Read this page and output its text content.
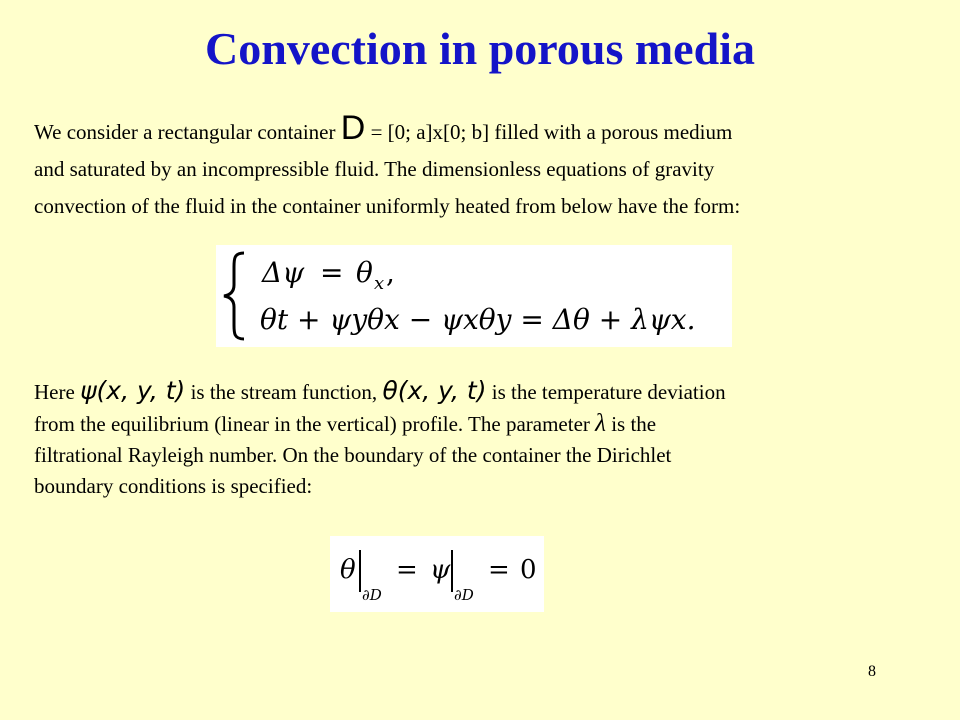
Convection in porous media
We consider a rectangular container D = [0; a]x[0; b] filled with a porous medium
and saturated by an incompressible fluid. The dimensionless equations of gravity
convection of the fluid in the container uniformly heated from below have the form:
Δψ = θ x ,
θt + ψyθx − ψxθy = Δθ + λψx.
Here ψ(x, y, t) is the stream function, θ(x, y, t) is the temperature deviation
from the equilibrium (linear in the vertical) profile. The parameter λ is the
filtrational Rayleigh number. On the boundary of the container the Dirichlet
boundary conditions is specified:
θ
∂D
= ψ
∂D
= 0
8
